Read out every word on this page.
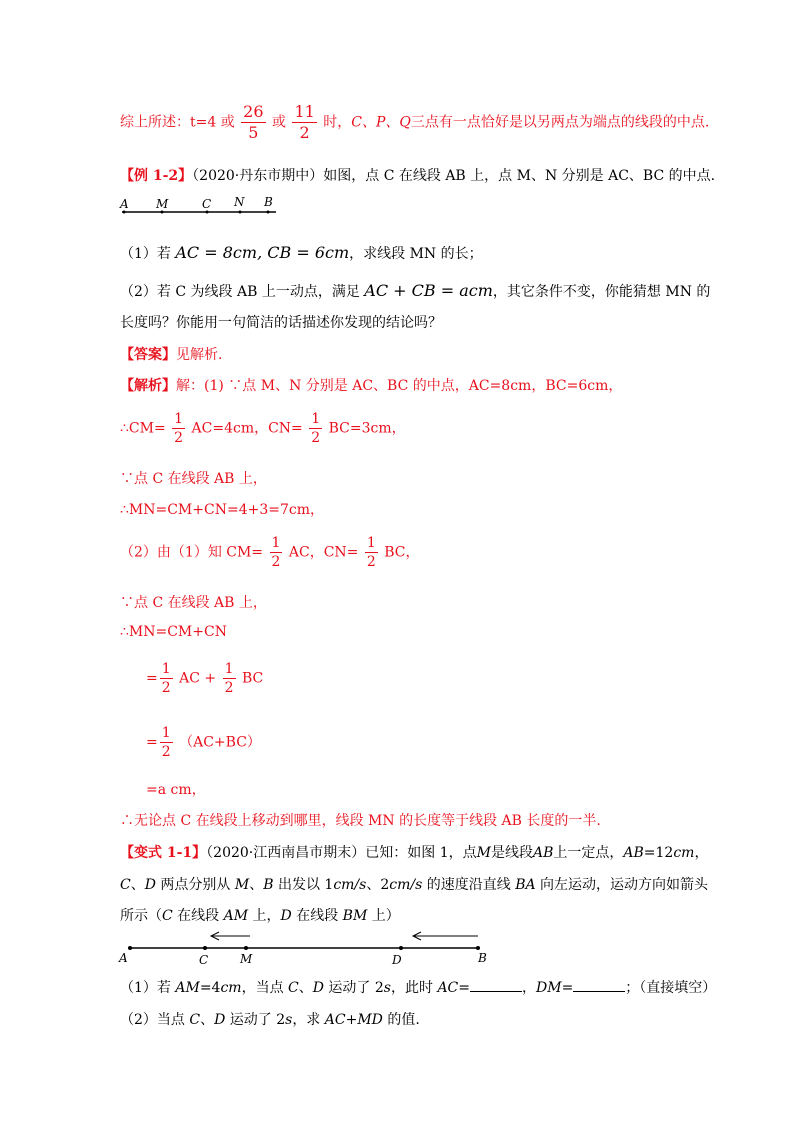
综上所述：t=4 或 $\frac{26}{5}$ 或 $\frac{11}{2}$ 时，C、P、Q三点有一点恰好是以另两点为端点的线段的中点.
【例 1-2】（2020·丹东市期中）如图，点 C 在线段 AB 上，点 M、N 分别是 AC、BC 的中点.
A M	C N B
（1）若 AC = 8cm, CB = 6cm，求线段 MN 的长；
（2）若 C 为线段 AB 上一动点，满足 AC + CB = acm，其它条件不变，你能猜想 MN 的
长度吗？你能用一句简洁的话描述你发现的结论吗？
【答案】见解析.
【解析】解：(1) ∵点 M、N 分别是 AC、BC 的中点，AC=8cm，BC=6cm，
∴CM= $\frac{1}{2} AC=4cm$，$CN= \frac{1}{2} BC=3cm$，
∵点 C 在线段 AB 上，
∴MN=CM+CN=4+3=7cm，
（2）由（1）知 $CM= \frac{1}{2}$ AC，$CN= \frac{1}{2}$ BC，
∵点 C 在线段 AB 上，
∴MN=CM+CN
= $\frac{1}{2}$ AC + $\frac{1}{2}$ BC
= $\frac{1}{2} (AC+BC)$
=a cm，
∴无论点 C 在线段上移动到哪里，线段 MN 的长度等于线段 AB 长度的一半.
【变式 1-1】（2020·江西南昌市期末）已知：如图 1，点M是线段AB上一定点，AB=12cm，
C、D 两点分别从 M、B 出发以 1cm/s、2cm/s 的速度沿直线 BA 向左运动，运动方向如箭头
所示（C 在线段 AM 上，D 在线段 BM 上）
A	C	M	D	B
（1）若 AM=4cm，当点 C、D 运动了 2s，此时 AC=	，DM=	；（直接填空）
（2）当点 C、D 运动了 2s，求 AC+MD 的值.
